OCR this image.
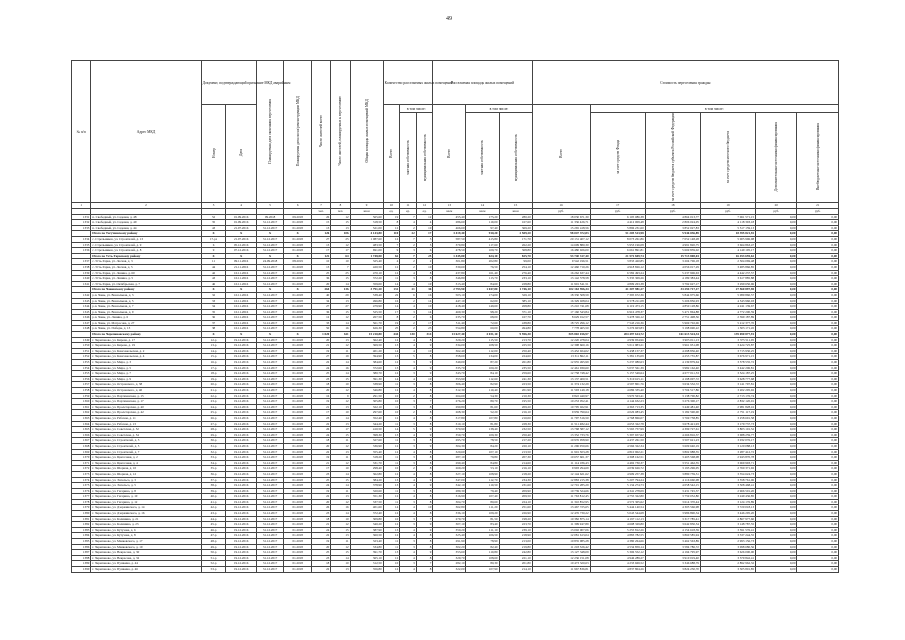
49
№ п/п	Адрес МКД	Документ, подтверждающий признание МКД аварийным		Планируемая дата окончания переселения	Планируемая дата сноса/реконструкции МКД	Число жителей всего	Число жителей, планируемых к переселению	Общая площадь жилых помещений МКД	Количество расселяемых жилых помещений			Расселяемая площадь жилых помещений			Стоимость переселения граждан					
		Номер	Дата						Всего	в том числе:		Всего	в том числе:		Всего	в том числе:				
										частная собственность	муниципальная собственность		частная собственность	муниципальная собственность		за счет средств Фонда	за счет средств бюджета субъекта Российской Федерации	за счет средств местного бюджета	Дополнительные источники финансирования	Внебюджетные источники финансирования
1	2	3	4	5	6	7	8	9	10	11	12	13	14	15	16	17	18	19	20	21
						чел.	чел.	кв.м	ед.	ед.	ед.	кв.м	кв.м	кв.м	руб.	руб.	руб.	руб.	руб.	руб.
1331	п. Свободный, ул. Садовая, д. 48	52	01.09.2016	09.2018	09.2018	26	12	565,60	19	7	12	455,40	175,20	280,20	18 030 671,30	6 105 086,38	4 864 013,77	7 061 571,15	0,00	0,00
1332	п. Свободный, ул. Садовая, д. 49	35	01.09.2016	31.12.2017	01.2018	15	15	318,50	8	4	4	286,60	119,00	167,60	11 336 426,71	4 412 009,48	2 806 024,05	4 118 393,18	0,00	0,00
1333	п. Свободный, ул. Садовая, д. 44	43	21.07.2016	31.12.2017	01.2018	13	13	521,00	12	2	10	466,60	97,40	369,20	15 265 418,56	5 896 231,60	3 852 027,83	5 517 159,13	0,00	0,00
	Итого по Тогучинскому району	Х	Х	Х	Х	126	106	4 143,80	110	22	17	3 419,40	910,20	2 509,20	98 047 372,83	51 205 513,98	5 946 036,89	18 395 821,92	0,00	0,00
1334	с. Стрельников, ул. Строителей, д. 13	17-рз	21.07.2016	31.12.2017	01.2018	27	25	1 087,60	12	7	5	587,50	415,80	171,70	20 131 407,12	8 073 261,86	7 052 148,28	5 005 996,98	0,00	0,00
1335	с. Стрельников, ул. Строителей, д. 9	6	05.12.2016	31.12.2017	01.2018	13	12	483,50	7	2	5	379,80	117,60	262,20	14 609 880,30	5 953 196,08	4 991 820,75	3 664 863,47	0,00	0,00
1336	с. Стрельников, ул. Строителей, д. 8	9	07.12.2016	31.12.2017	01.2018	17	17	691,00	9	3	6	478,50	109,70	368,80	16 480 926,00	6 661 891,81	5 669 839,02	4 149 195,17	0,00	0,00
	Итого по Усть-Таркскому району	Х	Х	Х	Х	122	64	1 748,00	62	7	25	1 445,80	624,10	825,70	53 740 317,40	21 572 849,74	15 713 808,04	16 453 659,62	0,00	0,00
1337	с. Усть-Тарка, ул. Лесная, д. 3	11	09.11.2016	24.09.2018	08.2019	10	10	325,40	4	2	2	301,80	202,80	99,00	9 542 196,51	3 833 420,85	3 204 706,18	2 504 069,48	0,00	0,00
1338	с. Усть-Тарка, ул. Лесная, д. 5	44	21.11.2016	31.12.2017	01.2018	13	7	420,50	12	2	10	330,60	76,50	254,10	12 460 710,26	4 918 826,12	4 056 017,29	3 485 866,85	0,00	0,00
1339	с. Усть-Тарка, ул. Ленина, д. 60	42	10.11.2016	31.12.2017	01.2018	25	25	470,10	12	4	8	437,80	161,40	276,40	16 262 637,44	6 582 493,24	5 237 906,63	4 442 237,57	0,00	0,00
1340	с. Усть-Тарка, ул. Ленина, д. 5	43	10.11.2016	31.12.2017	01.2018	36	15	372,20	11	3	8	346,80	113,70	233,10	13 142 578,58	5 335 309,26	4 189 383,44	3 617 885,88	0,00	0,00
1341	с. Усть-Тарка, ул. Октябрьская, д. 7	46	10.11.2016	31.12.2017	01.2018	20	14	359,00	14	4	10	313,40	84,60	228,80	11 901 541,51	4 809 263,38	3 792 627,17	3 299 650,96	0,00	0,00
	Итого по Чановскому району	Х	Х	Х	Х	264	136	3 791,20	131	21	36	2 793,90	1 047,80	1 746,10	102 163 596,34	41 307 981,27	33 294 717,17	27 560 897,90	0,00	0,00
1342	р.п. Чаны, ул. Вокзальная, д. 3	32	10.11.2016	31.12.2017	01.2018	40	29	538,40	22	6	16	503,10	174,00	329,10	18 330 508,59	7 395 672,36	5 844 975,66	5 089 860,57	0,00	0,00
1343	р.п. Чаны, ул. Вокзальная, д. 5	33	10.11.2016	31.12.2017	01.2018	34	13	496,80	16	2	14	447,10	62,00	385,10	16 329 028,04	6 578 211,08	5 206 856,93	4 543 960,03	0,00	0,00
1344	р.п. Чаны, ул. Вокзальная, д. 7	34	10.11.2016	31.12.2017	01.2018	27	27	479,90	14	4	10	418,40	149,60	268,80	15 210 741,68	6 119 473,15	4 850 128,86	4 241 139,67	0,00	0,00
1345	р.п. Чаны, ул. Вокзальная, д. 9	35	10.11.2016	31.12.2017	01.2018	36	15	525,50	17	3	14	469,30	98,20	371,10	17 160 543,84	6 916 478,37	5 471 864,88	4 772 200,59	0,00	0,00
1346	р.п. Чаны, ул. Ленина, д. 6	36	10.11.2016	31.12.2017	01.2018	12	12	267,50	8	2	6	235,70	68,00	167,70	8 629 012,57	3 478 326,12	2 751 498,56	2 399 187,89	0,00	0,00
1347	р.п. Чаны, ул. Матросова, д. 27	37	10.11.2016	31.12.2017	01.2018	33	14	561,70	19	2	17	511,40	72,60	438,80	18 725 296,12	7 543 216,36	5 969 702,06	5 212 377,70	0,00	0,00
1348	р.п. Чаны, ул. Победы, д. 13	38	10.11.2016	31.12.2017	01.2018	50	16	626,30	25	2	23	554,80	60,00	494,80	7 778 465,50	3 276 603,83	3 198 690,22	1 303 171,45	0,00	0,00
	Итого по Черепановскому району	Х	Х	Х	Х	1 020	611	15 210,80	444	130	314	13 627,40	4 031,10	9 596,30	505 802 016,97	204 497 614,72	161 613 524,34	139 690 877,91	0,00	0,00
1349	г. Черепаново, ул. Кирова, д. 17	12-р	19.12.2016	31.12.2017	01.2018	20	13	362,40	12	4	8	329,20	115,50	213,70	12 220 478,04	4 939 954,96	3 905 011,13	3 375 511,95	0,00	0,00
1350	г. Черепаново, ул. Кирова, д. 19	13-р	19.12.2016	31.12.2017	01.2018	21	12	369,50	13	4	9	334,00	108,50	225,50	12 398 660,16	5 011 983,21	3 961 951,08	3 424 725,87	0,00	0,00
1351	г. Черепаново, ул. Комсомольская, д. 2	14-р	19.12.2016	31.12.2017	01.2018	19	11	401,20	14	4	10	362,40	112,00	250,40	13 452 924,02	5 438 157,37	4 298 836,40	3 715 930,25	0,00	0,00
1352	г. Черепаново, ул. Комсомольская, д. 4	15-р	19.12.2016	31.12.2017	01.2018	27	19	394,90	13	5	8	358,60	134,00	224,60	13 311 862,11	5 381 135,09	4 253 755,87	3 676 971,15	0,00	0,00
1353	г. Черепаново, ул. Мира, д. 3	16-р	19.12.2016	31.12.2017	01.2018	22	14	384,60	12	3	9	349,00	87,20	261,80	12 955 495,99	5 237 080,63	4 139 879,64	3 578 535,72	0,00	0,00
1354	г. Черепаново, ул. Мира, д. 5	17-р	19.12.2016	31.12.2017	01.2018	24	16	372,60	13	4	9	335,70	100,20	235,50	12 461 930,60	5 037 561,39	3 982 162,40	3 442 206,81	0,00	0,00
1355	г. Черепаново, ул. Мира, д. 7	18-р	19.12.2016	31.12.2017	01.2018	25	14	380,70	12	3	9	343,70	84,10	259,60	12 758 748,42	5 157 549,64	4 077 011,53	3 524 187,25	0,00	0,00
1356	г. Черепаново, ул. Мира, д. 9	19-р	19.12.2016	31.12.2017	01.2018	23	15	391,30	14	4	10	353,90	112,60	241,30	13 137 400,51	5 310 615,11	4 198 007,72	3 628 777,68	0,00	0,00
1357	г. Черепаново, ул. Островского, д. 38	20-р	19.12.2016	31.12.2017	01.2018	18	10	338,90	11	3	8	306,40	82,90	223,50	11 374 132,29	4 597 801,76	3 634 532,72	3 141 797,81	0,00	0,00
1358	г. Черепаново, ул. Островского, д. 40	21-р	19.12.2016	31.12.2017	01.2018	20	12	346,80	12	4	8	312,30	110,40	201,90	11 593 149,18	4 686 335,40	3 704 517,86	3 202 295,92	0,00	0,00
1359	г. Черепаново, ул. Партизанская, д. 15	22-р	19.12.2016	31.12.2017	01.2018	16	9	291,50	10	2	8	264,60	54,30	210,30	9 822 440,97	3 970 563,41	3 138 700,82	2 713 176,74	0,00	0,00
1360	г. Черепаново, ул. Партизанская, д. 17	23-р	19.12.2016	31.12.2017	01.2018	19	12	305,80	10	3	7	276,20	80,70	195,50	10 253 052,41	4 144 632,23	3 276 300,17	2 832 120,01	0,00	0,00
1361	г. Черепаново, ул. Пролетарская, д. 40	24-р	19.12.2016	31.12.2017	01.2018	21	13	322,10	11	3	8	290,80	81,60	209,20	10 795 022,91	4 363 713,35	3 449 481,40	2 981 828,16	0,00	0,00
1362	г. Черепаново, ул. Пролетарская, д. 42	25-р	19.12.2016	31.12.2017	01.2018	17	10	297,60	10	2	8	268,30	52,20	216,10	9 959 790,64	4 026 083,45	3 182 590,00	2 751 117,19	0,00	0,00
1363	г. Черепаново, ул. Рабочая, д. 11	26-р	19.12.2016	31.12.2017	01.2018	23	14	352,40	12	4	8	317,80	107,80	210,00	11 797 316,50	4 768 866,07	3 769 758,85	3 258 691,58	0,00	0,00
1364	г. Черепаново, ул. Рабочая, д. 13	27-р	19.12.2016	31.12.2017	01.2018	22	13	344,20	11	3	8	310,10	81,80	228,30	11 511 482,44	4 653 322,78	3 678 421,93	3 179 737,73	0,00	0,00
1365	г. Черепаново, ул. Советская, д. 52	28-р	19.12.2016	31.12.2017	01.2018	26	17	410,50	14	5	9	370,90	138,40	232,50	13 768 587,12	5 565 757,99	4 399 727,61	3 803 101,52	0,00	0,00
1366	г. Черепаново, ул. Советская, д. 54	29-р	19.12.2016	31.12.2017	01.2018	24	15	398,30	13	4	9	359,70	109,30	250,40	13 352 733,76	5 397 657,62	4 266 816,37	3 688 259,77	0,00	0,00
1367	г. Черепаново, ул. Строителей, д. 3	30-р	19.12.2016	31.12.2017	01.2018	18	11	327,60	11	3	8	295,70	78,50	217,20	10 976 958,90	4 437 261,50	3 507 621,23	3 032 076,17	0,00	0,00
1368	г. Черепаново, ул. Строителей, д. 5	31-р	19.12.2016	31.12.2017	01.2018	20	12	336,90	12	3	9	304,30	84,20	220,10	11 296 050,66	4 566 322,34	3 609 640,19	3 120 088,13	0,00	0,00
1369	г. Черепаново, ул. Строителей, д. 7	32-р	19.12.2016	31.12.2017	01.2018	22	13	355,40	12	4	8	320,60	107,10	213,50	11 901 303,28	4 810 902,21	3 802 988,35	3 287 412,72	0,00	0,00
1370	г. Черепаново, ул. Цветочная, д. 2	33-р	19.12.2016	31.12.2017	01.2018	19	11	318,20	11	3	8	287,10	79,80	207,30	10 657 601,37	4 308 162,51	3 405 568,08	2 943 870,78	0,00	0,00
1371	г. Черепаново, ул. Цветочная, д. 4	34-р	19.12.2016	31.12.2017	01.2018	21	12	331,70	11	3	8	299,40	84,80	214,60	11 114 186,43	4 492 730,37	3 551 462,35	3 069 993,71	0,00	0,00
1372	г. Черепаново, ул. Шорная, д. 10	35-р	19.12.2016	31.12.2017	01.2018	17	10	298,40	10	2	8	269,20	53,10	216,10	9 993 294,69	4 039 626,72	3 193 296,05	2 760 371,92	0,00	0,00
1373	г. Черепаново, ул. Шорная, д. 12	36-р	19.12.2016	31.12.2017	01.2018	23	14	362,80	12	4	8	327,10	108,90	218,20	12 144 621,62	4 909 257,38	3 880 739,51	3 354 624,73	0,00	0,00
1374	г. Черепаново, ул. Энгельса, д. 3	37-р	19.12.2016	31.12.2017	01.2018	25	15	384,20	13	4	9	347,00	112,70	234,30	12 883 215,38	5 207 794,24	4 116 660,08	3 558 761,06	0,00	0,00
1375	г. Черепаново, ул. Энгельса, д. 5	38-р	19.12.2016	31.12.2017	01.2018	24	14	378,90	13	4	9	342,10	110,50	231,60	12 701 285,29	5 134 274,73	4 058 542,15	3 508 468,41	0,00	0,00
1376	г. Черепаново, ул. Гагарина, д. 8	39-р	19.12.2016	31.12.2017	01.2018	19	11	320,60	11	3	8	289,30	79,40	209,90	10 739 524,66	4 341 278,09	3 431 745,37	2 966 501,20	0,00	0,00
1377	г. Черепаново, ул. Гагарина, д. 10	40-р	19.12.2016	31.12.2017	01.2018	22	13	351,30	12	4	8	316,90	107,40	209,50	11 763 812,45	4 755 322,80	3 759 052,80	3 249 436,85	0,00	0,00
1378	г. Черепаново, ул. Гагарина, д. 12	41-р	19.12.2016	31.12.2017	01.2018	20	12	337,50	11	3	8	304,70	80,60	224,10	11 310 852,95	4 572 305,62	3 614 370,44	3 124 176,89	0,00	0,00
1379	г. Черепаново, ул. Дзержинского, д. 14	42-р	19.12.2016	31.12.2017	01.2018	26	16	401,60	14	4	10	362,80	111,20	251,60	13 467 725,65	5 444 140,54	4 303 566,98	3 720 018,13	0,00	0,00
1380	г. Черепаново, ул. Дзержинского, д. 16	43-р	19.12.2016	31.12.2017	01.2018	23	14	372,40	12	4	8	336,10	109,20	226,90	12 476 730,22	5 043 544,68	3 986 890,34	3 446 295,20	0,00	0,00
1381	г. Черепаново, ул. Калинина, д. 21	44-р	19.12.2016	31.12.2017	01.2018	18	10	309,80	10	3	7	279,70	81,50	198,20	10 382 875,14	4 197 112,13	3 317 785,41	2 867 977,60	0,00	0,00
1382	г. Черепаново, ул. Калинина, д. 23	45-р	19.12.2016	31.12.2017	01.2018	21	12	340,20	12	3	9	307,10	83,40	223,70	11 399 947,89	4 608 329,80	3 642 830,54	3 148 787,55	0,00	0,00
1383	г. Черепаново, ул. Кутузова, д. 6	46-р	19.12.2016	31.12.2017	01.2018	24	15	387,90	13	4	9	350,20	111,10	239,10	13 002 007,06	5 255 812,26	4 154 618,39	3 591 576,41	0,00	0,00
1384	г. Черепаново, ул. Кутузова, д. 8	47-р	19.12.2016	31.12.2017	01.2018	22	13	360,50	12	4	8	325,40	106,50	218,90	12 081 613,04	4 883 782,55	3 860 585,94	3 337 244,55	0,00	0,00
1385	г. Черепаново, ул. Маяковского, д. 17	48-р	19.12.2016	31.12.2017	01.2018	19	11	323,40	11	3	8	291,90	78,90	213,00	10 835 985,28	4 380 264,66	3 462 563,89	2 993 156,73	0,00	0,00
1386	г. Черепаново, ул. Маяковского, д. 19	49-р	19.12.2016	31.12.2017	01.2018	20	12	334,80	11	3	8	302,20	82,40	219,80	11 218 326,42	4 534 859,14	3 584 786,72	3 098 680,56	0,00	0,00
1387	г. Черепаново, ул. Некрасова, д. 30	50-р	19.12.2016	31.12.2017	01.2018	25	15	391,70	13	4	9	353,60	110,80	242,80	13 127 348,09	5 306 552,12	4 194 795,97	3 626 000,00	0,00	0,00
1388	г. Черепаново, ул. Некрасова, д. 32	51-р	19.12.2016	31.12.2017	01.2018	23	14	365,10	12	4	8	329,70	108,60	221,10	12 236 151,08	4 946 289,27	3 910 019,40	3 379 842,41	0,00	0,00
1389	г. Черепаново, ул. Пушкина, д. 44	52-р	19.12.2016	31.12.2017	01.2018	18	10	312,50	10	3	7	282,10	80,30	201,80	10 473 320,63	4 233 669,52	3 346 688,79	2 892 962,32	0,00	0,00
1390	г. Черепаново, ул. Пушкина, д. 46	53-р	19.12.2016	31.12.2017	01.2018	22	13	356,80	12	4	8	322,00	107,90	214,10	11 967 836,81	4 837 804,26	3 824 230,70	3 305 801,85	0,00	0,00
